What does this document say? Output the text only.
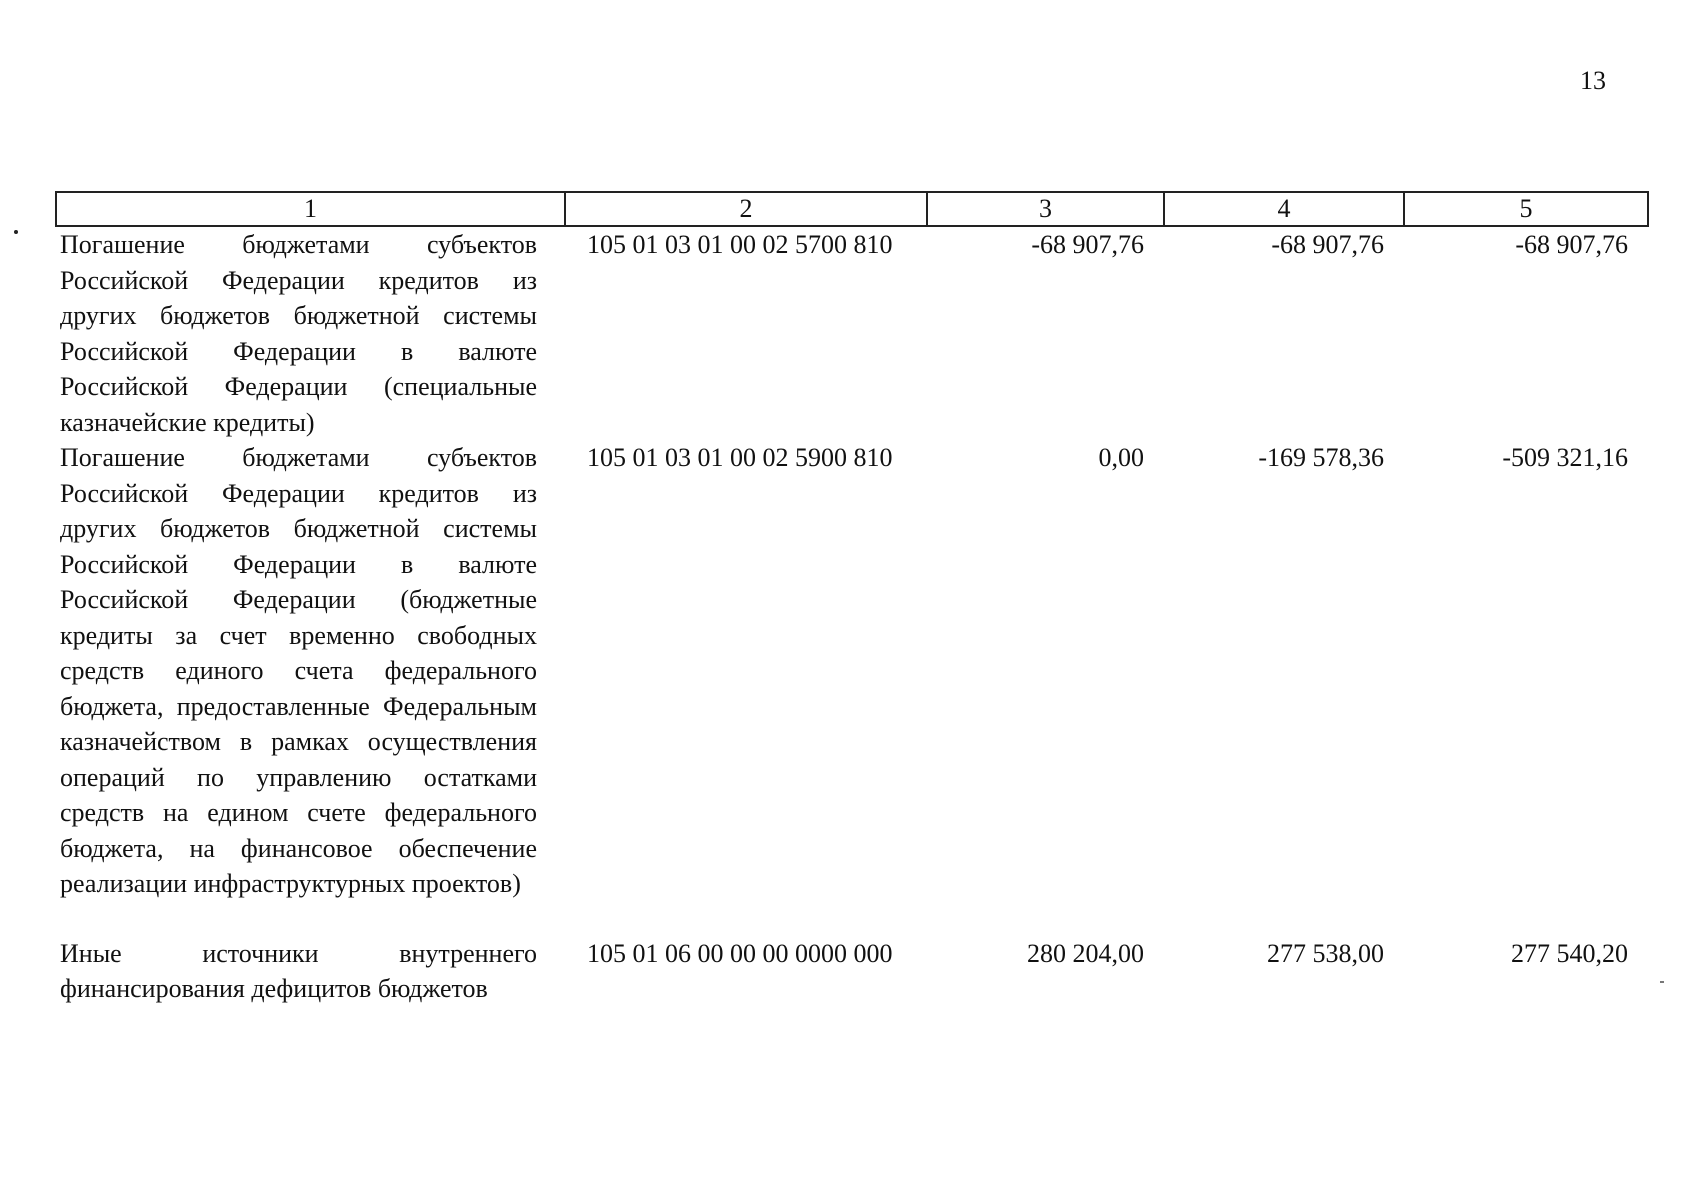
13
1	2	3	4	5
Погашение бюджетами субъектов Российской Федерации кредитов из других бюджетов бюджетной системы Российской Федерации в валюте Российской Федерации (специальные казначейские кредиты)	105 01 03 01 00 02 5700 810	-68 907,76	-68 907,76	-68 907,76
Погашение бюджетами субъектов Российской Федерации кредитов из других бюджетов бюджетной системы Российской Федерации в валюте Российской Федерации (бюджетные кредиты за счет временно свободных средств единого счета федерального бюджета, предоставленные Федеральным казначейством в рамках осуществления операций по управлению остатками средств на едином счете федерального бюджета, на финансовое обеспечение реализации инфраструктурных проектов)	105 01 03 01 00 02 5900 810	0,00	-169 578,36	-509 321,16

Иные источники внутреннего финансирования дефицитов бюджетов	105 01 06 00 00 00 0000 000	280 204,00	277 538,00	277 540,20
